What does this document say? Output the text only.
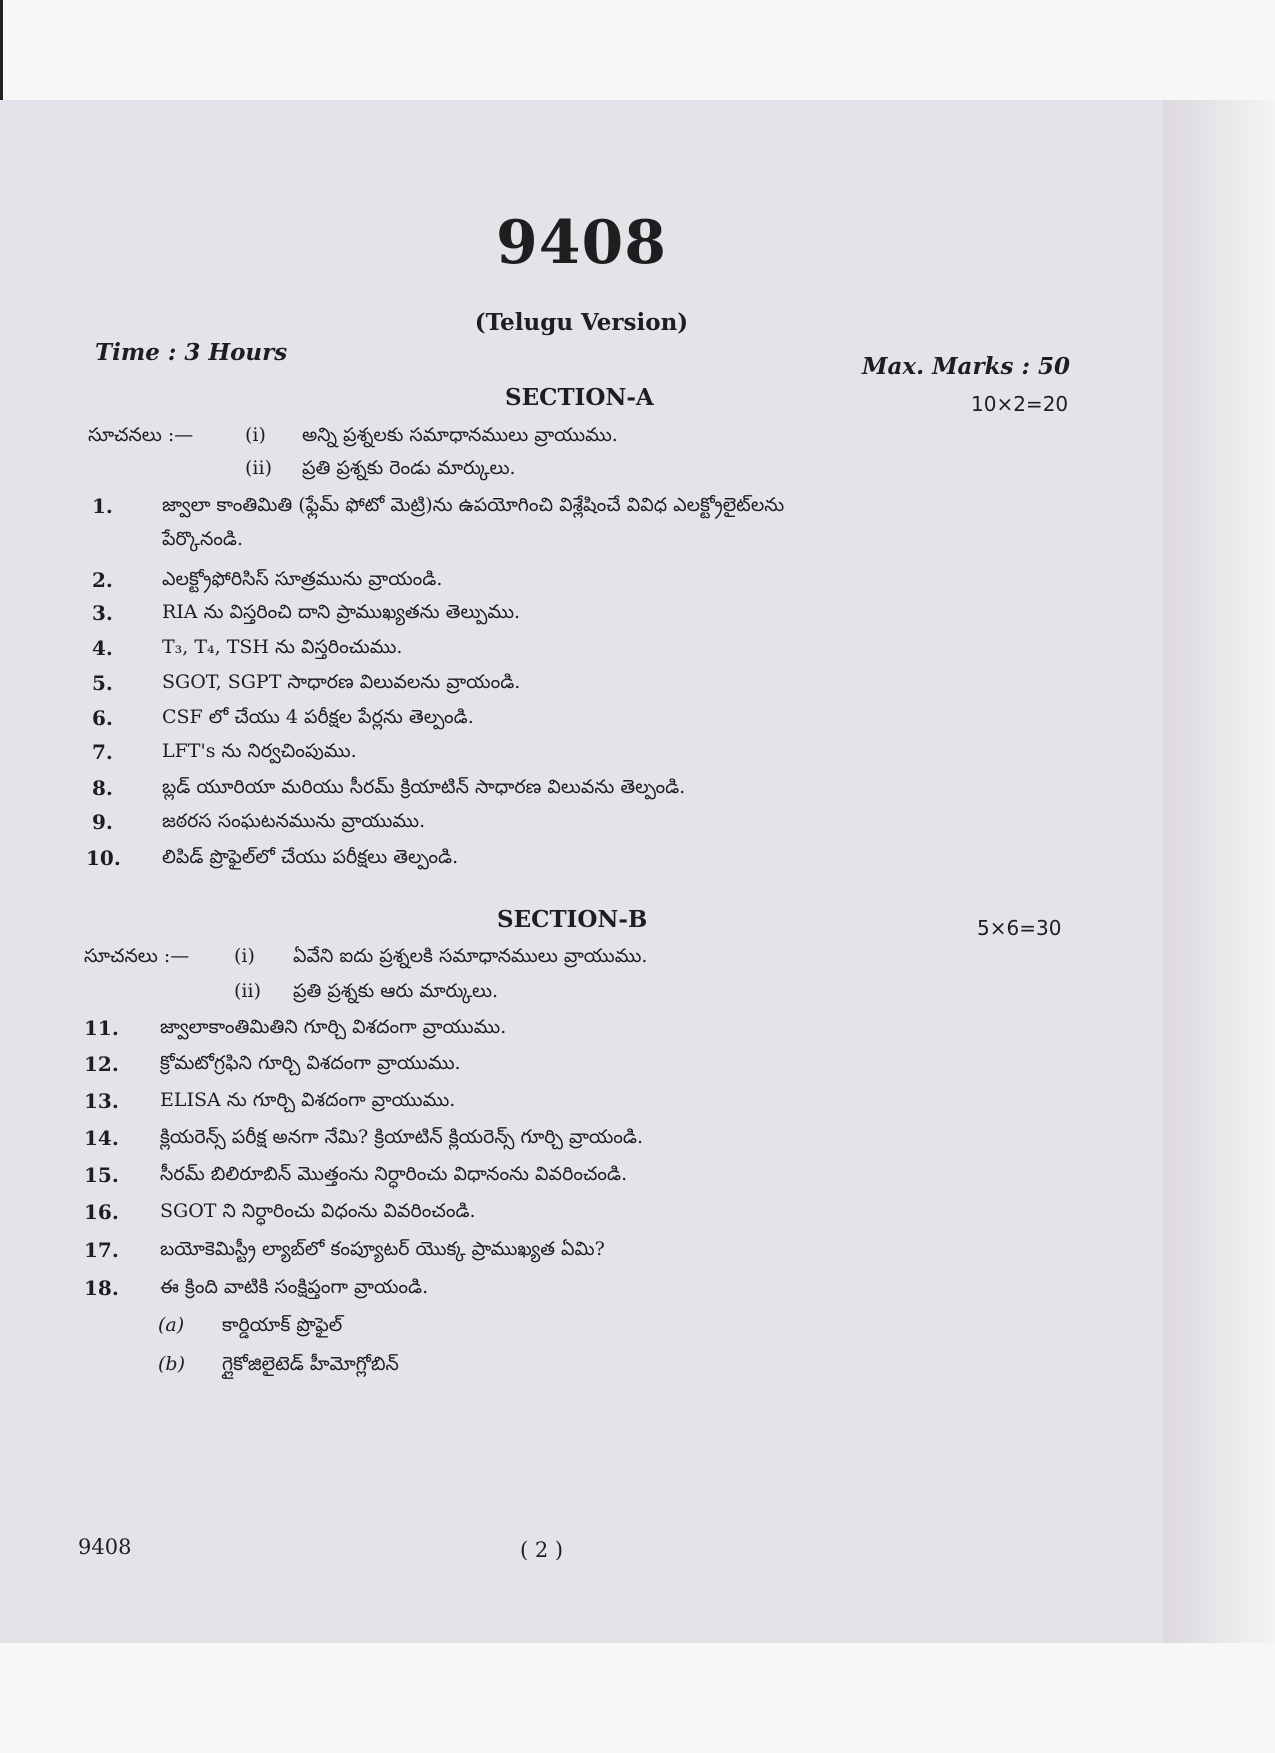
9408
(Telugu Version)
Time : 3 Hours
Max. Marks : 50
SECTION-A	10×2=20
సూచనలు :—	(i) అన్ని ప్రశ్నలకు సమాధానములు వ్రాయుము.
(ii) ప్రతి ప్రశ్నకు రెండు మార్కులు.
1.	జ్వాలా కాంతిమితి (ఫ్లేమ్ ఫోటో మెట్రి)ను ఉపయోగించి విశ్లేషించే వివిధ ఎలక్ట్రోలైట్‌లను
పేర్కొనండి.
2.	ఎలక్ట్రోఫోరిసిస్ సూత్రమును వ్రాయండి.
3.	RIA ను విస్తరించి దాని ప్రాముఖ్యతను తెల్పుము.
4.	T₃, T₄, TSH ను విస్తరించుము.
5.	SGOT, SGPT సాధారణ విలువలను వ్రాయండి.
6.	CSF లో చేయు 4 పరీక్షల పేర్లను తెల్పండి.
7.	LFT's ను నిర్వచింపుము.
8.	బ్లడ్ యూరియా మరియు సీరమ్ క్రియాటిన్ సాధారణ విలువను తెల్పండి.
9.	జఠరస సంఘటనమును వ్రాయుము.
10. లిపిడ్ ప్రొఫైల్‌లో చేయు పరీక్షలు తెల్పండి.
SECTION-B	5×6=30
సూచనలు :— (i) ఏవేని ఐదు ప్రశ్నలకి సమాధానములు వ్రాయుము.
(ii) ప్రతి ప్రశ్నకు ఆరు మార్కులు.
11. జ్వాలాకాంతిమితిని గూర్చి విశదంగా వ్రాయుము.
12. క్రోమటోగ్రఫిని గూర్చి విశదంగా వ్రాయుము.
13. ELISA ను గూర్చి విశదంగా వ్రాయుము.
14. క్లియరెన్స్ పరీక్ష అనగా నేమి? క్రియాటిన్ క్లియరెన్స్ గూర్చి వ్రాయండి.
15. సీరమ్ బిలిరూబిన్ మొత్తంను నిర్ధారించు విధానంను వివరించండి.
16. SGOT ని నిర్ధారించు విధంను వివరించండి.
17. బయోకెమిస్ట్రీ ల్యాబ్‌లో కంప్యూటర్ యొక్క ప్రాముఖ్యత ఏమి?
18. ఈ క్రింది వాటికి సంక్షిప్తంగా వ్రాయండి.
(a) కార్డియాక్ ప్రొఫైల్
(b) గ్లైకోజిలైటెడ్ హీమోగ్లోబిన్
9408	( 2 )
